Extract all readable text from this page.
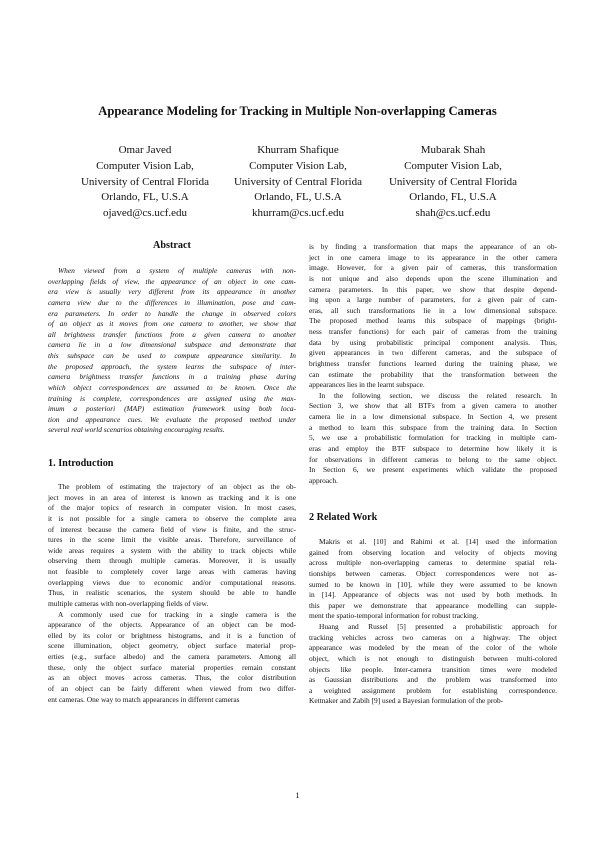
Appearance Modeling for Tracking in Multiple Non-overlapping Cameras
Omar Javed
Computer Vision Lab,
University of Central Florida
Orlando, FL, U.S.A
ojaved@cs.ucf.edu
Khurram Shafique
Computer Vision Lab,
University of Central Florida
Orlando, FL, U.S.A
khurram@cs.ucf.edu
Mubarak Shah
Computer Vision Lab,
University of Central Florida
Orlando, FL, U.S.A
shah@cs.ucf.edu
Abstract
When viewed from a system of multiple cameras with non-
overlapping fields of view, the appearance of an object in one cam-
era view is usually very different from its appearance in another
camera view due to the differences in illumination, pose and cam-
era parameters. In order to handle the change in observed colors
of an object as it moves from one camera to another, we show that
all brightness transfer functions from a given camera to another
camera lie in a low dimensional subspace and demonstrate that
this subspace can be used to compute appearance similarity. In
the proposed approach, the system learns the subspace of inter-
camera brightness transfer functions in a training phase during
which object correspondences are assumed to be known. Once the
training is complete, correspondences are assigned using the max-
imum a posteriori (MAP) estimation framework using both loca-
tion and appearance cues. We evaluate the proposed method under
several real world scenarios obtaining encouraging results.
1. Introduction
The problem of estimating the trajectory of an object as the ob-
ject moves in an area of interest is known as tracking and it is one
of the major topics of research in computer vision. In most cases,
it is not possible for a single camera to observe the complete area
of interest because the camera field of view is finite, and the struc-
tures in the scene limit the visible areas. Therefore, surveillance of
wide areas requires a system with the ability to track objects while
observing them through multiple cameras. Moreover, it is usually
not feasible to completely cover large areas with cameras having
overlapping views due to economic and/or computational reasons.
Thus, in realistic scenarios, the system should be able to handle
multiple cameras with non-overlapping fields of view.
A commonly used cue for tracking in a single camera is the
appearance of the objects. Appearance of an object can be mod-
elled by its color or brightness histograms, and it is a function of
scene illumination, object geometry, object surface material prop-
erties (e.g., surface albedo) and the camera parameters. Among all
these, only the object surface material properties remain constant
as an object moves across cameras. Thus, the color distribution
of an object can be fairly different when viewed from two differ-
ent cameras. One way to match appearances in different cameras
is by finding a transformation that maps the appearance of an ob-
ject in one camera image to its appearance in the other camera
image. However, for a given pair of cameras, this transformation
is not unique and also depends upon the scene illumination and
camera parameters. In this paper, we show that despite depend-
ing upon a large number of parameters, for a given pair of cam-
eras, all such transformations lie in a low dimensional subspace.
The proposed method learns this subspace of mappings (bright-
ness transfer functions) for each pair of cameras from the training
data by using probabilistic principal component analysis. Thus,
given appearances in two different cameras, and the subspace of
brightness transfer functions learned during the training phase, we
can estimate the probability that the transformation between the
appearances lies in the learnt subspace.
In the following section, we discuss the related research. In
Section 3, we show that all BTFs from a given camera to another
camera lie in a low dimensional subspace. In Section 4, we present
a method to learn this subspace from the training data. In Section
5, we use a probabilistic formulation for tracking in multiple cam-
eras and employ the BTF subspace to determine how likely it is
for observations in different cameras to belong to the same object.
In Section 6, we present experiments which validate the proposed
approach.
2 Related Work
Makris et al. [10] and Rahimi et al. [14] used the information
gained from observing location and velocity of objects moving
across multiple non-overlapping cameras to determine spatial rela-
tionships between cameras. Object correspondences were not as-
sumed to be known in [10], while they were assumed to be known
in [14]. Appearance of objects was not used by both methods. In
this paper we demonstrate that appearance modelling can supple-
ment the spatio-temporal information for robust tracking.
Huang and Russel [5] presented a probabilistic approach for
tracking vehicles across two cameras on a highway. The object
appearance was modeled by the mean of the color of the whole
object, which is not enough to distinguish between multi-colored
objects like people. Inter-camera transition times were modeled
as Gaussian distributions and the problem was transformed into
a weighted assignment problem for establishing correspondence.
Kettnaker and Zabih [9] used a Bayesian formulation of the prob-
1
